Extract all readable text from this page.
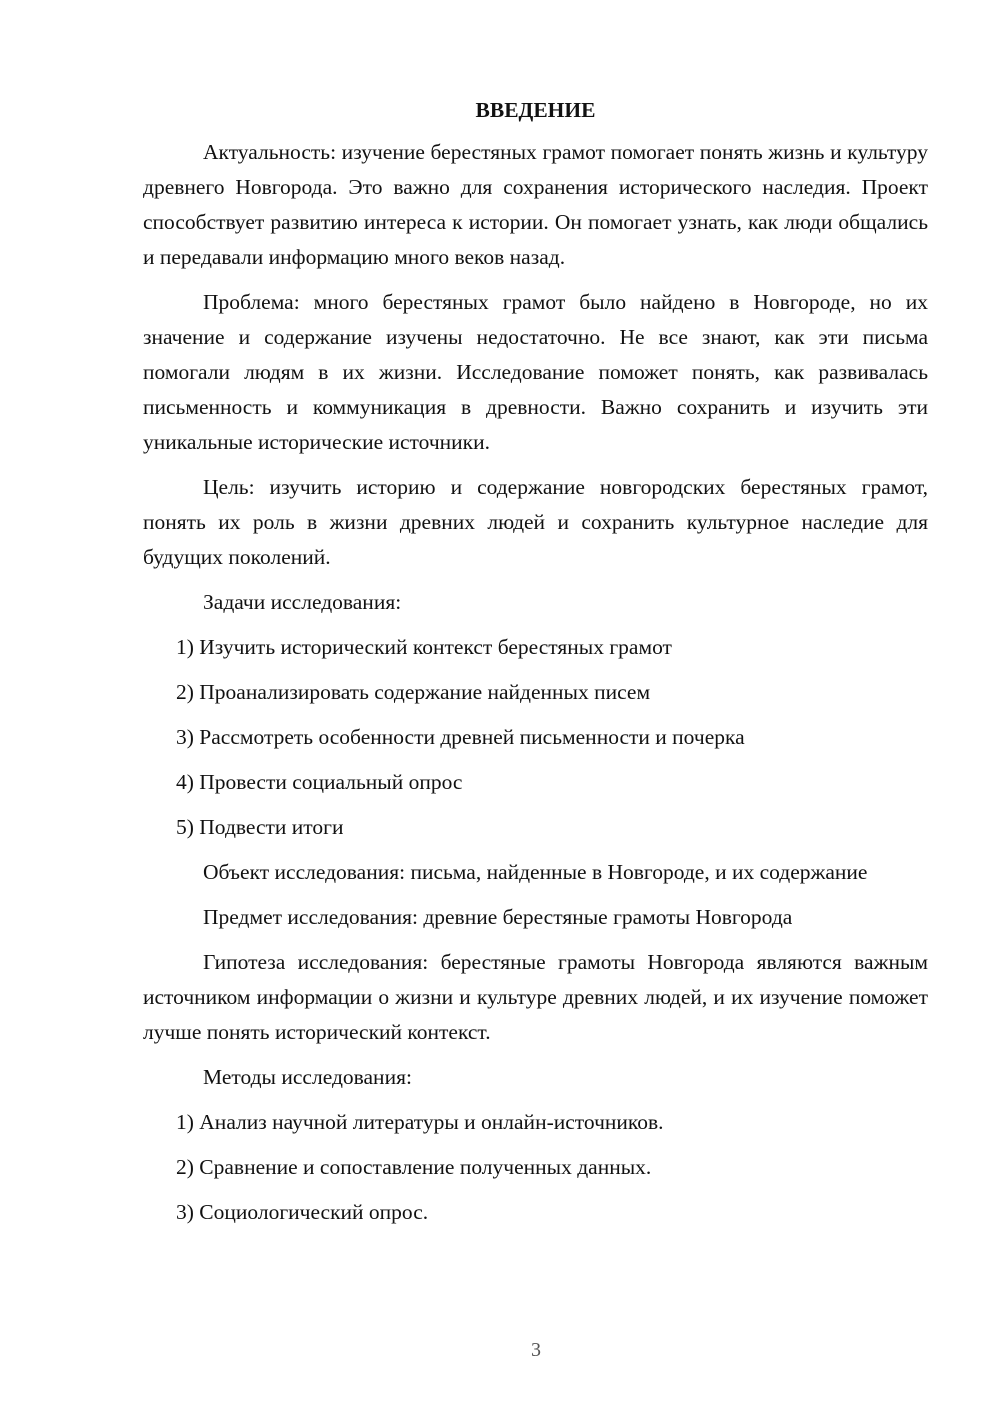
ВВЕДЕНИЕ

Актуальность: изучение берестяных грамот помогает понять жизнь и культуру древнего Новгорода. Это важно для сохранения исторического наследия. Проект способствует развитию интереса к истории. Он помогает узнать, как люди общались и передавали информацию много веков назад.

Проблема: много берестяных грамот было найдено в Новгороде, но их значение и содержание изучены недостаточно. Не все знают, как эти письма помогали людям в их жизни. Исследование поможет понять, как развивалась письменность и коммуникация в древности. Важно сохранить и изучить эти уникальные исторические источники.

Цель: изучить историю и содержание новгородских берестяных грамот, понять их роль в жизни древних людей и сохранить культурное наследие для будущих поколений.

Задачи исследования:

1) Изучить исторический контекст берестяных грамот
2) Проанализировать содержание найденных писем
3) Рассмотреть особенности древней письменности и почерка
4) Провести социальный опрос
5) Подвести итоги

Объект исследования: письма, найденные в Новгороде, и их содержание

Предмет исследования: древние берестяные грамоты Новгорода

Гипотеза исследования: берестяные грамоты Новгорода являются важным источником информации о жизни и культуре древних людей, и их изучение поможет лучше понять исторический контекст.

Методы исследования:

1) Анализ научной литературы и онлайн-источников.
2) Сравнение и сопоставление полученных данных.
3) Социологический опрос.
3
